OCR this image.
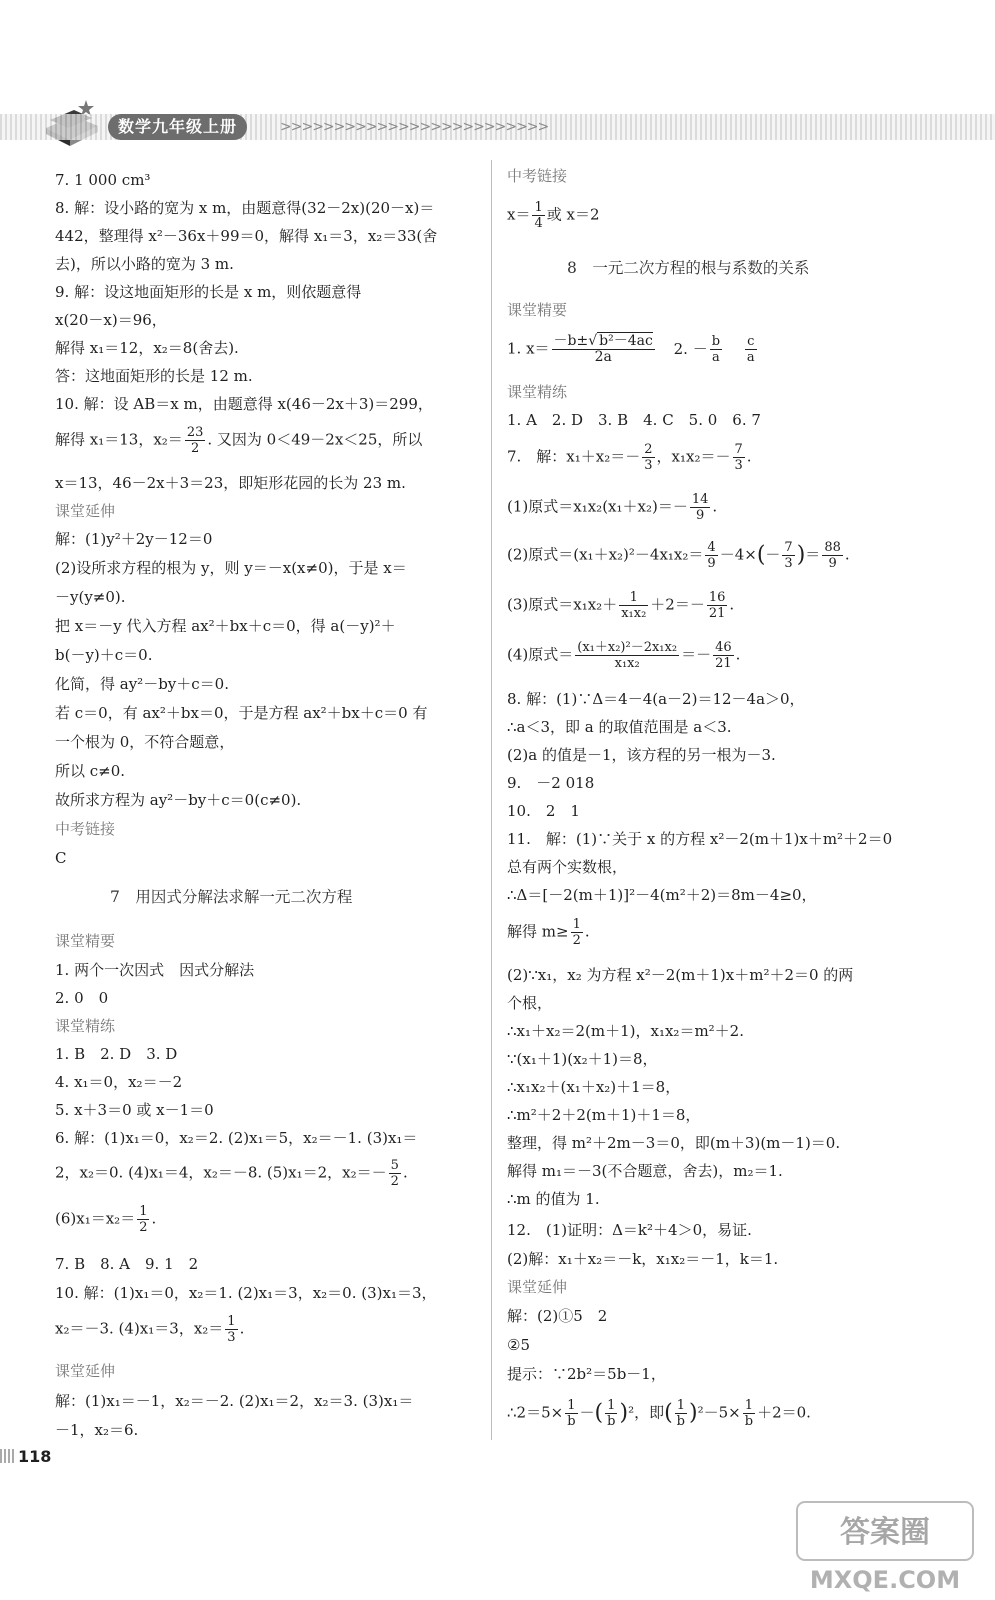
数学九年级上册	>>>>>>>>>>>>>>>>>>>>>>>>>
7. 1 000 cm³
8. 解：设小路的宽为 x m，由题意得(32－2x)(20－x)＝
442，整理得 x²－36x＋99＝0，解得 x₁＝3，x₂＝33(舍
去)，所以小路的宽为 3 m.
9. 解：设这地面矩形的长是 x m，则依题意得
x(20－x)＝96，
解得 x₁＝12，x₂＝8(舍去).
答：这地面矩形的长是 12 m.
10. 解：设 AB＝x m，由题意得 x(46－2x＋3)＝299，
解得 x₁＝13，$x_2= \frac{23}{2}$ . 又因为 0＜49－2x＜25，所以
x＝13，46－2x＋3＝23，即矩形花园的长为 23 m.
课堂延伸
解：(1)y²＋2y－12＝0
(2)设所求方程的根为 y，则 y＝－x(x≠0)，于是 x＝
－y(y≠0).
把 x＝－y 代入方程 ax²＋bx＋c＝0，得 a(－y)²＋
b(－y)＋c＝0.
化简，得 ay²－by＋c＝0.
若 c＝0，有 ax²＋bx＝0，于是方程 ax²＋bx＋c＝0 有
一个根为 0，不符合题意，
所以 c≠0.
故所求方程为 ay²－by＋c＝0(c≠0).
中考链接
C
7　用因式分解法求解一元二次方程
课堂精要
1. 两个一次因式　因式分解法
2. 0　0
课堂精练
1. B　2. D　3. D
4. x₁＝0，x₂＝－2
5. x＋3＝0 或 x－1＝0
6. 解：(1)x₁＝0，x₂＝2. (2)x₁＝5，x₂＝－1. (3)x₁＝
2，x₂＝0. (4)x₁＝4，x₂＝－8. (5)x₁＝2，$x_2=- \frac{5}{2}$ .
$(6)x_1=x_2= \frac{1}{2}$ .
7. B　8. A　9. 1　2
10. 解：(1)x₁＝0，x₂＝1. (2)x₁＝3，x₂＝0. (3)x₁＝3，
x₂＝－3. (4)x₁＝3，$x_2= \frac{1}{3}$ .
课堂延伸
解：(1)x₁＝－1，x₂＝－2. (2)x₁＝2，x₂＝3. (3)x₁＝
－1，x₂＝6.
中考链接
$x= \frac{1}{4}$ 或 x＝2
8　一元二次方程的根与系数的关系
课堂精要
1. $x= \frac{\text{－b±√ b²－4ac}}{2a} 2$. － $\frac{b}{a}$
$\frac{c}{a}$
课堂精练
1. A　2. D　3. B　4. C　5. 0　6. 7
7.　解：$x_1+x_2=- \frac{2}{3}$ ，$x_1x_2=- \frac{7}{3}$ .
(1)原式$=x_1x_2(x_1+x_2)=- \frac{14}{9}$ .
(2)原式$=(x_1+x_2)^2-4x_1x_2= \frac{4}{9} -4\times(- \frac{7}{3}$ )＝ $\frac{88}{9}$ .
(3)原式$=x_1x_2+ \frac{1}{\text{x₁x₂}} +2=- \frac{16}{21}$ .
(4)原式＝ $\frac{\text{(x₁＋x₂)²－2x₁x₂}}{\text{x₁x₂}} =- \frac{46}{21}$ .
8. 解：(1)∵Δ＝4－4(a－2)＝12－4a＞0，
∴a＜3，即 a 的取值范围是 a＜3.
(2)a 的值是－1，该方程的另一根为－3.
9.　－2 018
10.　2　1
11.　解：(1)∵关于 x 的方程 x²－2(m＋1)x＋m²＋2＝0
总有两个实数根，
∴Δ＝[－2(m＋1)]²－4(m²＋2)＝8m－4≥0，
解得 $m\ge \frac{1}{2}$ .
(2)∵x₁，x₂ 为方程 x²－2(m＋1)x＋m²＋2＝0 的两
个根，
∴x₁＋x₂＝2(m＋1)，x₁x₂＝m²＋2.
∵(x₁＋1)(x₂＋1)＝8，
∴x₁x₂＋(x₁＋x₂)＋1＝8，
∴m²＋2＋2(m＋1)＋1＝8，
整理，得 m²＋2m－3＝0，即(m＋3)(m－1)＝0.
解得 m₁＝－3(不合题意，舍去)，m₂＝1.
∴m 的值为 1.
12.　(1)证明：Δ＝k²＋4＞0，易证.
(2)解：x₁＋x₂＝－k，x₁x₂＝－1，k＝1.
课堂延伸
解：(2)①5　2
②5
提示：∵2b²＝5b－1，
∴2＝5× $\frac{1}{b}$ －( $\frac{1}{b} )^2$，即( $\frac{1}{b} )^2-5\times \frac{1}{b} +2=0$.
118
答案圈
MXQE.COM
